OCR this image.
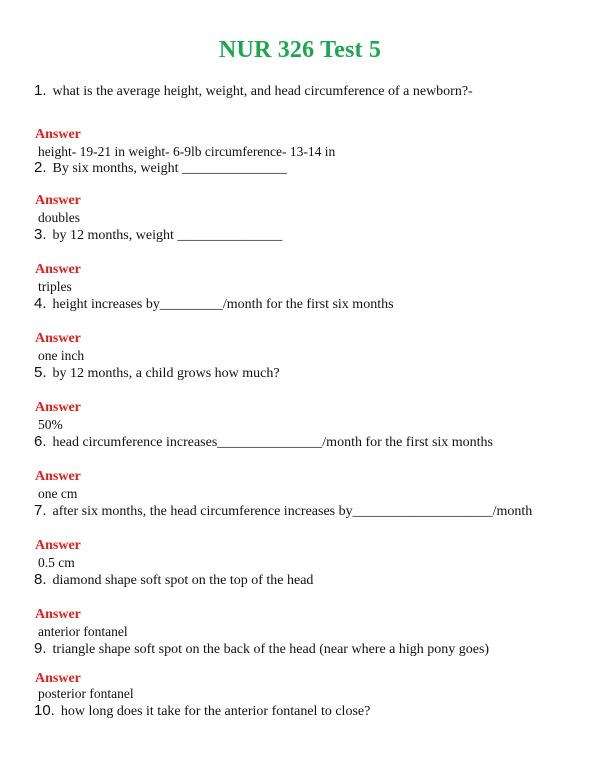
NUR 326 Test 5
1. what is the average height, weight, and head circumference of a newborn?-
Answer
height- 19-21 in weight- 6-9lb circumference- 13-14 in
2. By six months, weight _______________
Answer
doubles
3. by 12 months, weight _______________
Answer
triples
4. height increases by_________/month for the first six months
Answer
one inch
5. by 12 months, a child grows how much?
Answer
50%
6. head circumference increases_______________/month for the first six months
Answer
one cm
7. after six months, the head circumference increases by____________________/month
Answer
0.5 cm
8. diamond shape soft spot on the top of the head
Answer
anterior fontanel
9. triangle shape soft spot on the back of the head (near where a high pony goes)
Answer
posterior fontanel
10. how long does it take for the anterior fontanel to close?
